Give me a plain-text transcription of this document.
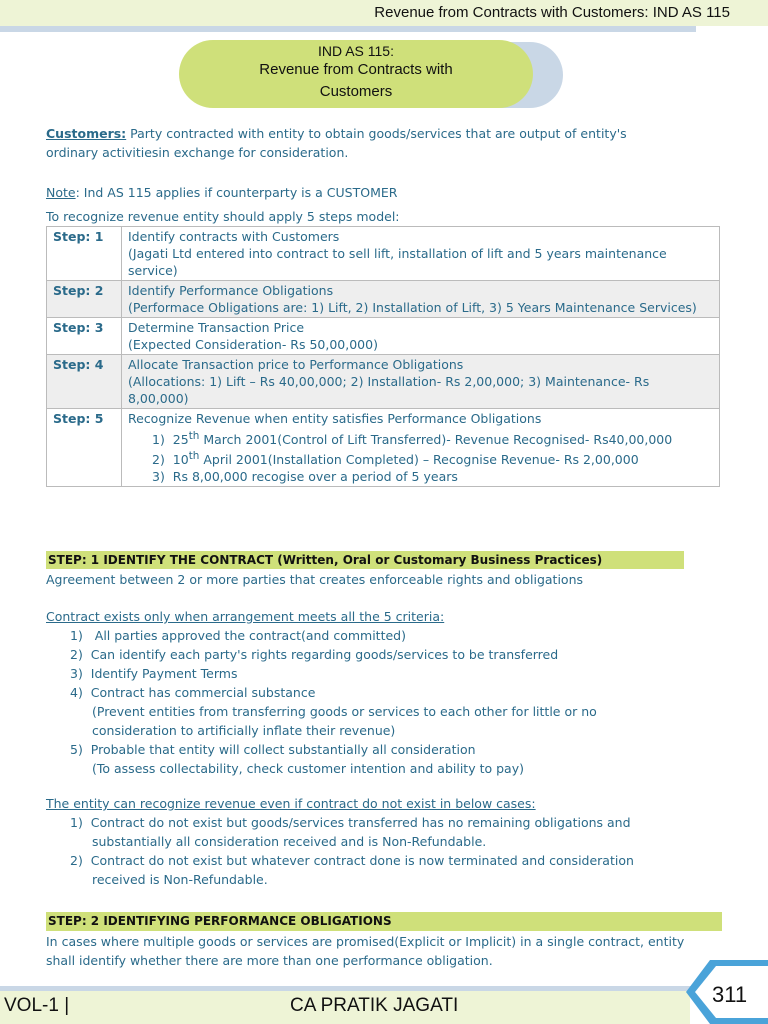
Revenue from Contracts with Customers: IND AS 115
IND AS 115:
Revenue from Contracts with
Customers
Customers: Party contracted with entity to obtain goods/services that are output of entity's
ordinary activitiesin exchange for consideration.
Note: Ind AS 115 applies if counterparty is a CUSTOMER
To recognize revenue entity should apply 5 steps model:
Step: 1	Identify contracts with Customers
(Jagati Ltd entered into contract to sell lift, installation of lift and 5 years maintenance service)

Step: 2	Identify Performance Obligations
(Performace Obligations are: 1) Lift, 2) Installation of Lift, 3) 5 Years Maintenance Services)

Step: 3	Determine Transaction Price
(Expected Consideration- Rs 50,00,000)

Step: 4	Allocate Transaction price to Performance Obligations
(Allocations: 1) Lift – Rs 40,00,000; 2) Installation- Rs 2,00,000; 3) Maintenance- Rs 8,00,000)

Step: 5	Recognize Revenue when entity satisfies Performance Obligations
1) 25th March 2001(Control of Lift Transferred)- Revenue Recognised- Rs40,00,000
2) 10th April 2001(Installation Completed) – Recognise Revenue- Rs 2,00,000
3) Rs 8,00,000 recogise over a period of 5 years
STEP: 1 IDENTIFY THE CONTRACT (Written, Oral or Customary Business Practices)
Agreement between 2 or more parties that creates enforceable rights and obligations
Contract exists only when arrangement meets all the 5 criteria:
1)   All parties approved the contract(and committed)
2) Can identify each party's rights regarding goods/services to be transferred
3) Identify Payment Terms
4) Contract has commercial substance
(Prevent entities from transferring goods or services to each other for little or no
consideration to artificially inflate their revenue)
5) Probable that entity will collect substantially all consideration
(To assess collectability, check customer intention and ability to pay)
The entity can recognize revenue even if contract do not exist in below cases:
1) Contract do not exist but goods/services transferred has no remaining obligations and
substantially all consideration received and is Non-Refundable.
2) Contract do not exist but whatever contract done is now terminated and consideration
received is Non-Refundable.
STEP: 2 IDENTIFYING PERFORMANCE OBLIGATIONS
In cases where multiple goods or services are promised(Explicit or Implicit) in a single contract, entity
shall identify whether there are more than one performance obligation.
VOL-1 |	CA PRATIK JAGATI	311
